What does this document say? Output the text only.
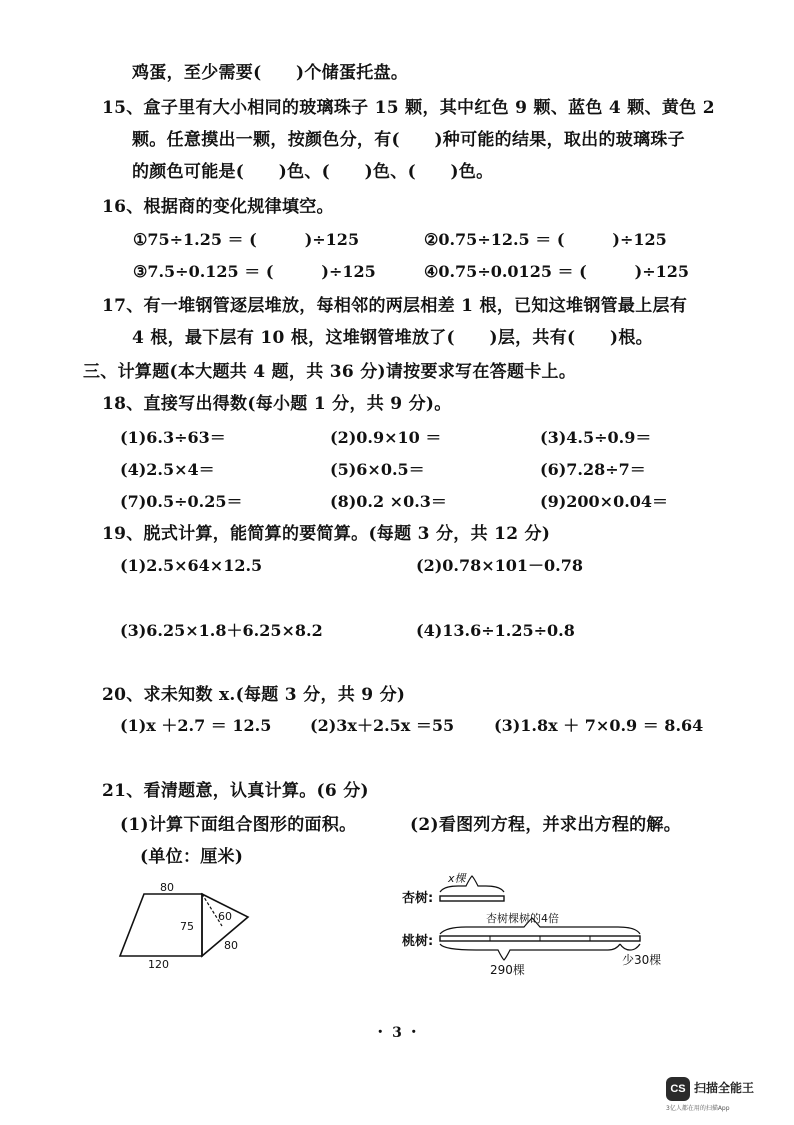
鸡蛋，至少需要(　　)个储蛋托盘。
15、盒子里有大小相同的玻璃珠子 15 颗，其中红色 9 颗、蓝色 4 颗、黄色 2
颗。任意摸出一颗，按颜色分，有(　　)种可能的结果，取出的玻璃珠子
的颜色可能是(　　)色、(　　)色、(　　)色。
16、根据商的变化规律填空。
①75÷1.25 ＝ (　　　)÷125	②0.75÷12.5 ＝ (　　　)÷125
③7.5÷0.125 ＝ (　　　)÷125	④0.75÷0.0125 ＝ (　　　)÷125
17、有一堆钢管逐层堆放，每相邻的两层相差 1 根，已知这堆钢管最上层有
4 根，最下层有 10 根，这堆钢管堆放了(　　)层，共有(　　)根。
三、计算题(本大题共 4 题，共 36 分)请按要求写在答题卡上。
18、直接写出得数(每小题 1 分，共 9 分)。
(1)6.3÷63＝	(2)0.9×10 ＝	(3)4.5÷0.9＝
(4)2.5×4＝	(5)6×0.5＝	(6)7.28÷7＝
(7)0.5÷0.25＝	(8)0.2 ×0.3＝	(9)200×0.04＝
19、脱式计算，能简算的要简算。(每题 3 分，共 12 分)
(1)2.5×64×12.5	(2)0.78×101－0.78
(3)6.25×1.8＋6.25×8.2	(4)13.6÷1.25÷0.8
20、求未知数 x.(每题 3 分，共 9 分)
(1)x ＋2.7 ＝ 12.5 (2)3x＋2.5x ＝55 (3)1.8x ＋ 7×0.9 ＝ 8.64
21、看清题意，认真计算。(6 分)
(1)计算下面组合图形的面积。	(2)看图列方程，并求出方程的解。
(单位：厘米)
80
75
120
60
80
杏树:
x棵
桃树:
杏树棵树的4倍
290棵
少30棵
・ 3 ・
CS 扫描全能王
3亿人都在用的扫描App
